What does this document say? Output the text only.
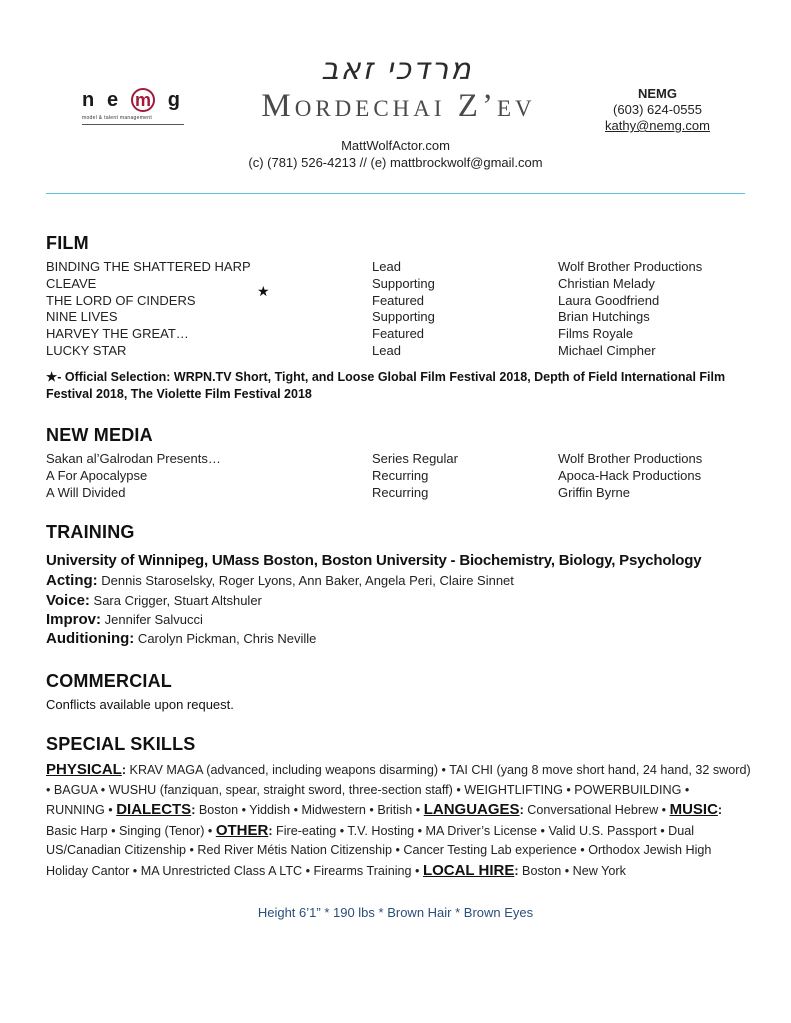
n e m g
model & talent management
מרדכי זאב
Mordechai Z’ev	NEMG
(603) 624-0555
kathy@nemg.com
MattWolfActor.com
(c) (781) 526-4213 // (e) mattbrockwolf@gmail.com
FILM
BINDING THE SHATTERED HARP	Lead	Wolf Brother Productions
CLEAVE	Supporting	Christian Melady
THE LORD OF CINDERS	Featured	Laura Goodfriend
NINE LIVES	Supporting	Brian Hutchings
HARVEY THE GREAT…	Featured	Films Royale
LUCKY STAR	Lead	Michael Cimpher
★
★- Official Selection: WRPN.TV Short, Tight, and Loose Global Film Festival 2018, Depth of Field International Film Festival 2018, The Violette Film Festival 2018
NEW MEDIA
Sakan al’Galrodan Presents…	Series Regular	Wolf Brother Productions
A For Apocalypse	Recurring	Apoca-Hack Productions
A Will Divided	Recurring	Griffin Byrne
TRAINING
University of Winnipeg, UMass Boston, Boston University - Biochemistry, Biology, Psychology
Acting: Dennis Staroselsky, Roger Lyons, Ann Baker, Angela Peri, Claire Sinnet
Voice: Sara Crigger, Stuart Altshuler
Improv: Jennifer Salvucci
Auditioning: Carolyn Pickman, Chris Neville
COMMERCIAL
Conflicts available upon request.
SPECIAL SKILLS
PHYSICAL: KRAV MAGA (advanced, including weapons disarming) • TAI CHI (yang 8 move short hand, 24 hand, 32 sword) • BAGUA • WUSHU (fanziquan, spear, straight sword, three-section staff) • WEIGHTLIFTING • POWERBUILDING • RUNNING • DIALECTS: Boston • Yiddish • Midwestern • British • LANGUAGES: Conversational Hebrew • MUSIC: Basic Harp • Singing (Tenor) • OTHER: Fire-eating • T.V. Hosting • MA Driver’s License • Valid U.S. Passport • Dual US/Canadian Citizenship • Red River Métis Nation Citizenship • Cancer Testing Lab experience • Orthodox Jewish High Holiday Cantor • MA Unrestricted Class A LTC • Firearms Training • LOCAL HIRE: Boston • New York
Height 6’1” * 190 lbs * Brown Hair * Brown Eyes
